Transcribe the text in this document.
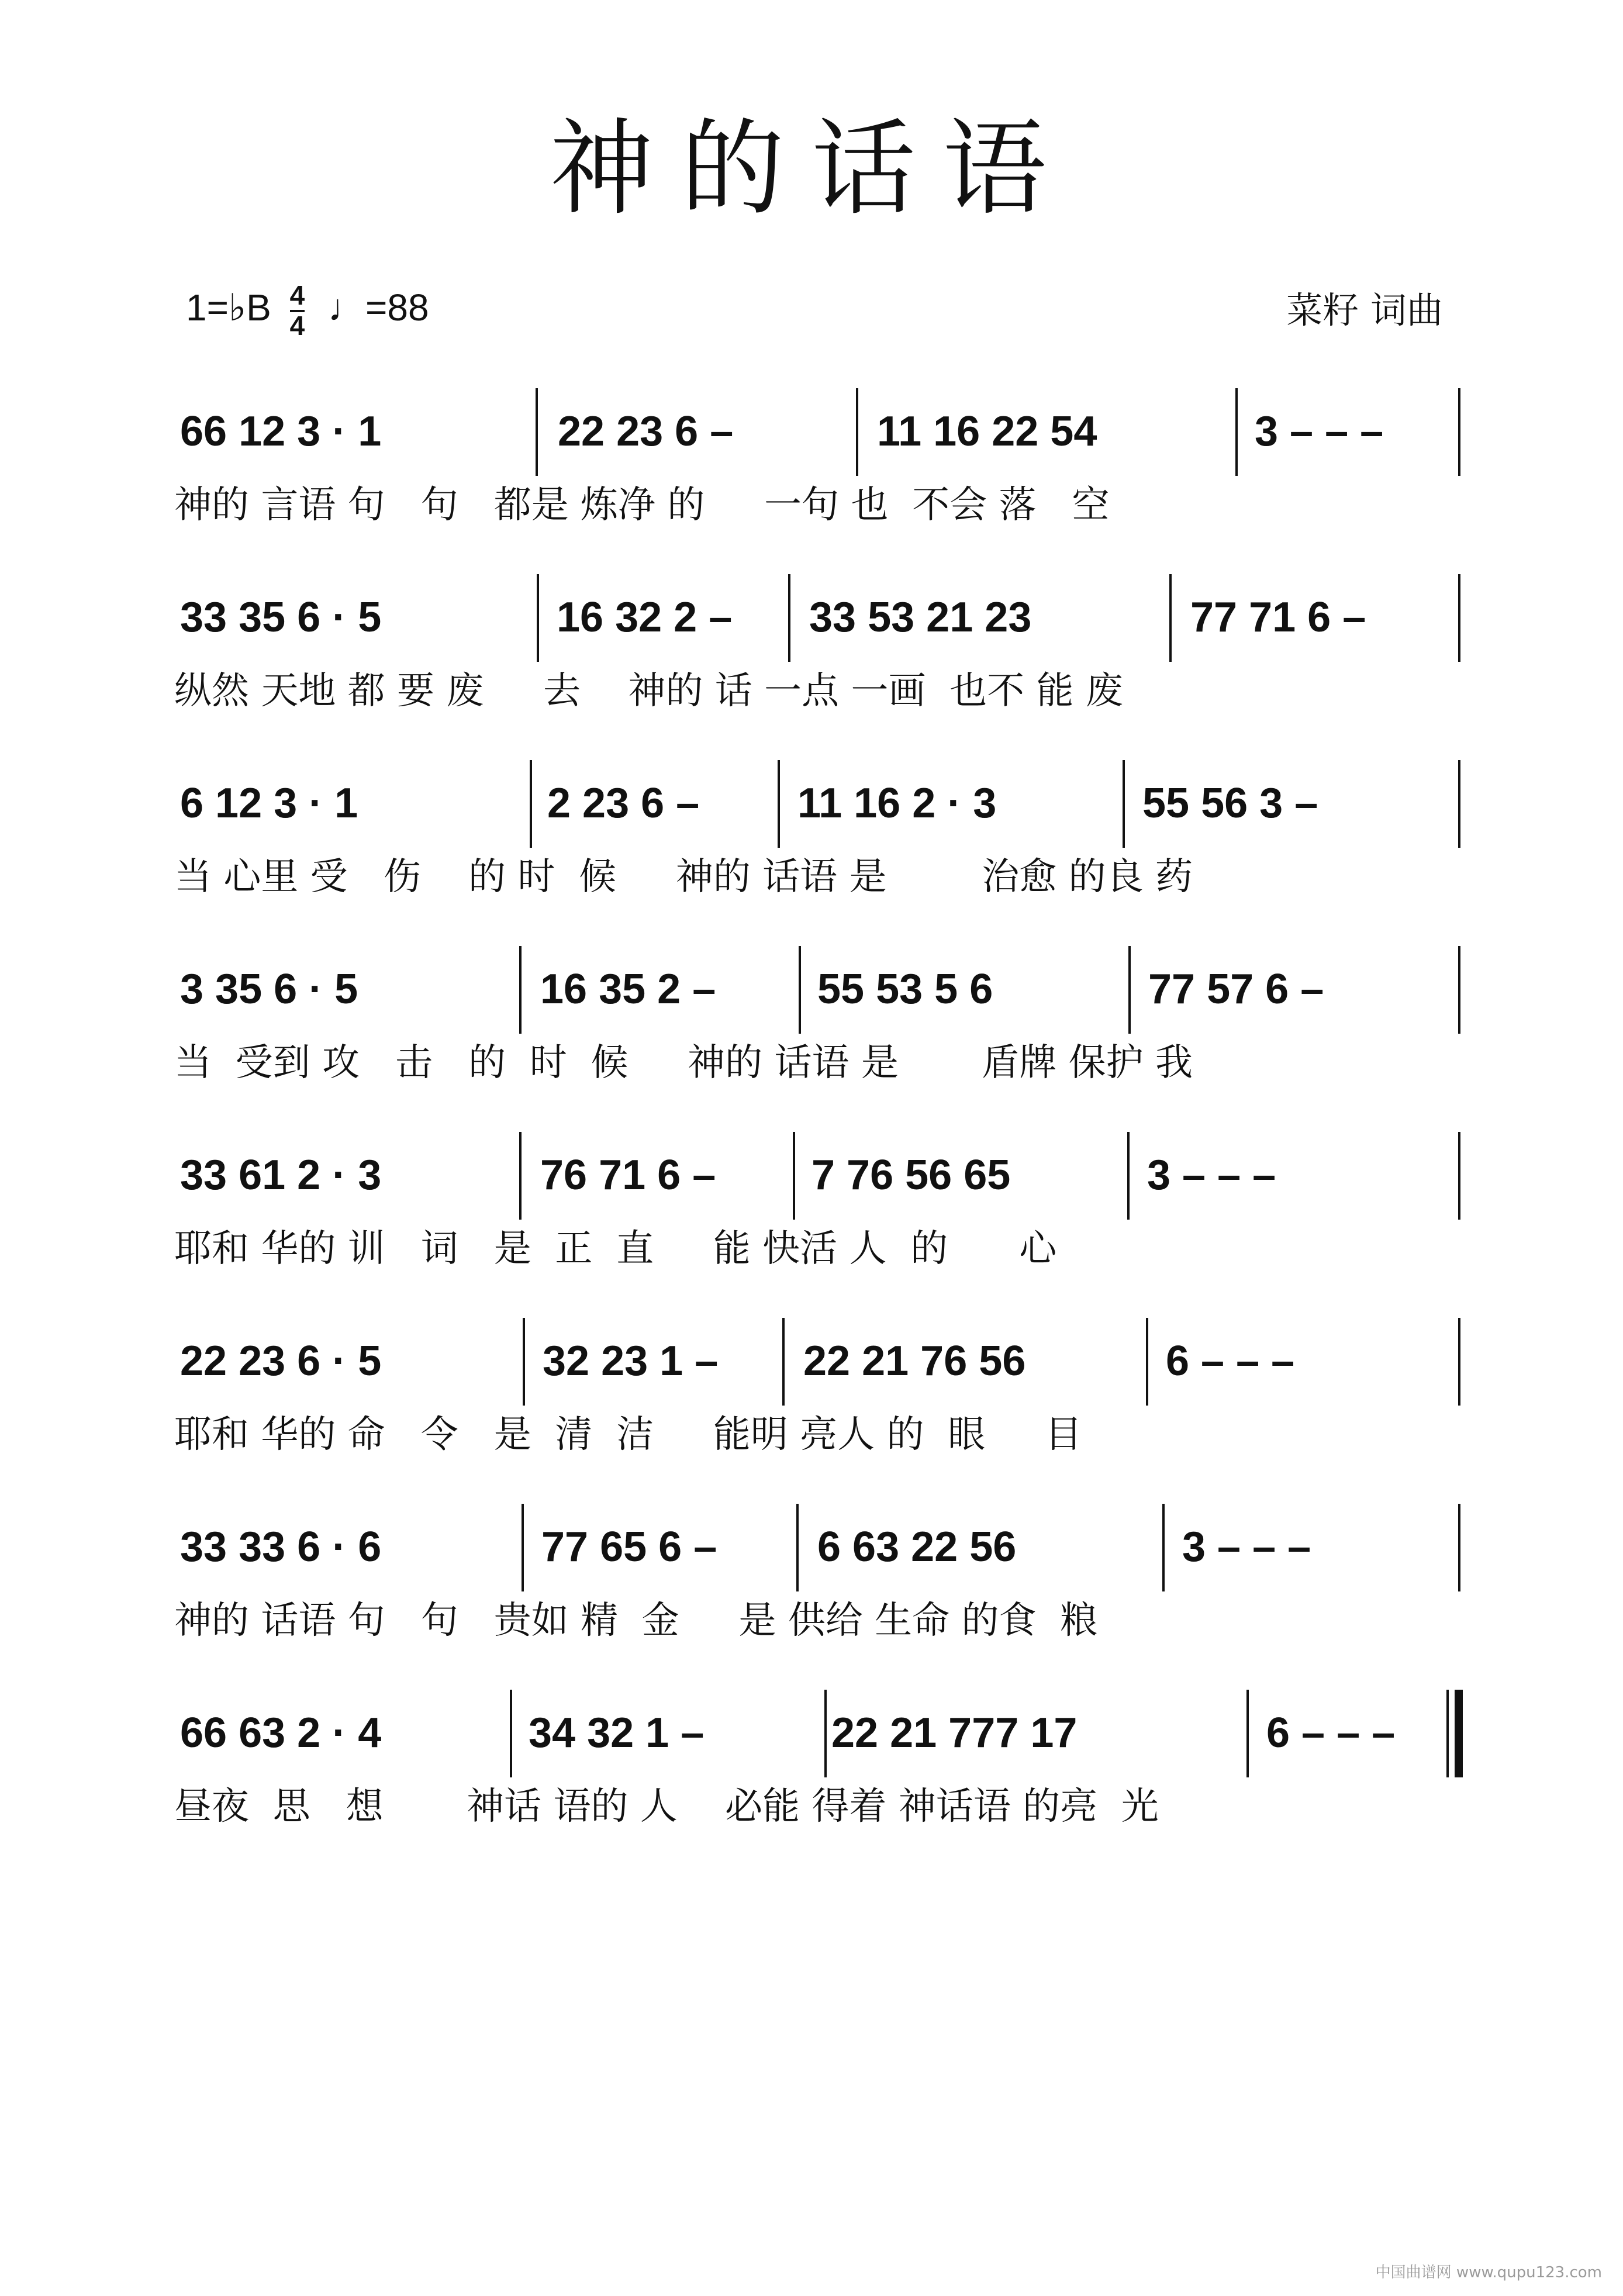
神的话语
1=♭B $\frac{4}{4}$ ♩=88	菜籽 词曲
66 12 3 · 1	22 23 6 –	11 16 22 54	3 – – –
神的 言语 句   句   都是 炼净 的     一句 也  不会 落   空
33 35 6 · 5	16 32 2 – 33 53 21 23	77 71 6 –
纵然 天地 都 要 废     去    神的 话 一点 一画  也不 能 废
6 12 3 · 1	2 23 6 – 11 16 2 · 3	55 56 3 –
当 心里 受   伤    的 时  候     神的 话语 是        治愈 的良 药
3 35 6 · 5	16 35 2 – 55 53 5 6	77 57 6 –
当  受到 攻   击   的  时  候     神的 话语 是       盾牌 保护 我
33 61 2 · 3	76 71 6 – 7 76 56 65	3 – – –
耶和 华的 训   词   是  正  直     能 快活 人  的      心
22 23 6 · 5	32 23 1 – 22 21 76 56	6 – – –
耶和 华的 命   令   是  清  洁     能明 亮人 的  眼     目
33 33 6 · 6	77 65 6 – 6 63 22 56	3 – – –
神的 话语 句   句   贵如 精  金     是 供给 生命 的食  粮
66 63 2 · 4	34 32 1 –	22 21 777 17	6 – – –
昼夜  思   想       神话 语的 人    必能 得着 神话语 的亮  光
中国曲谱网 www.qupu123.com
